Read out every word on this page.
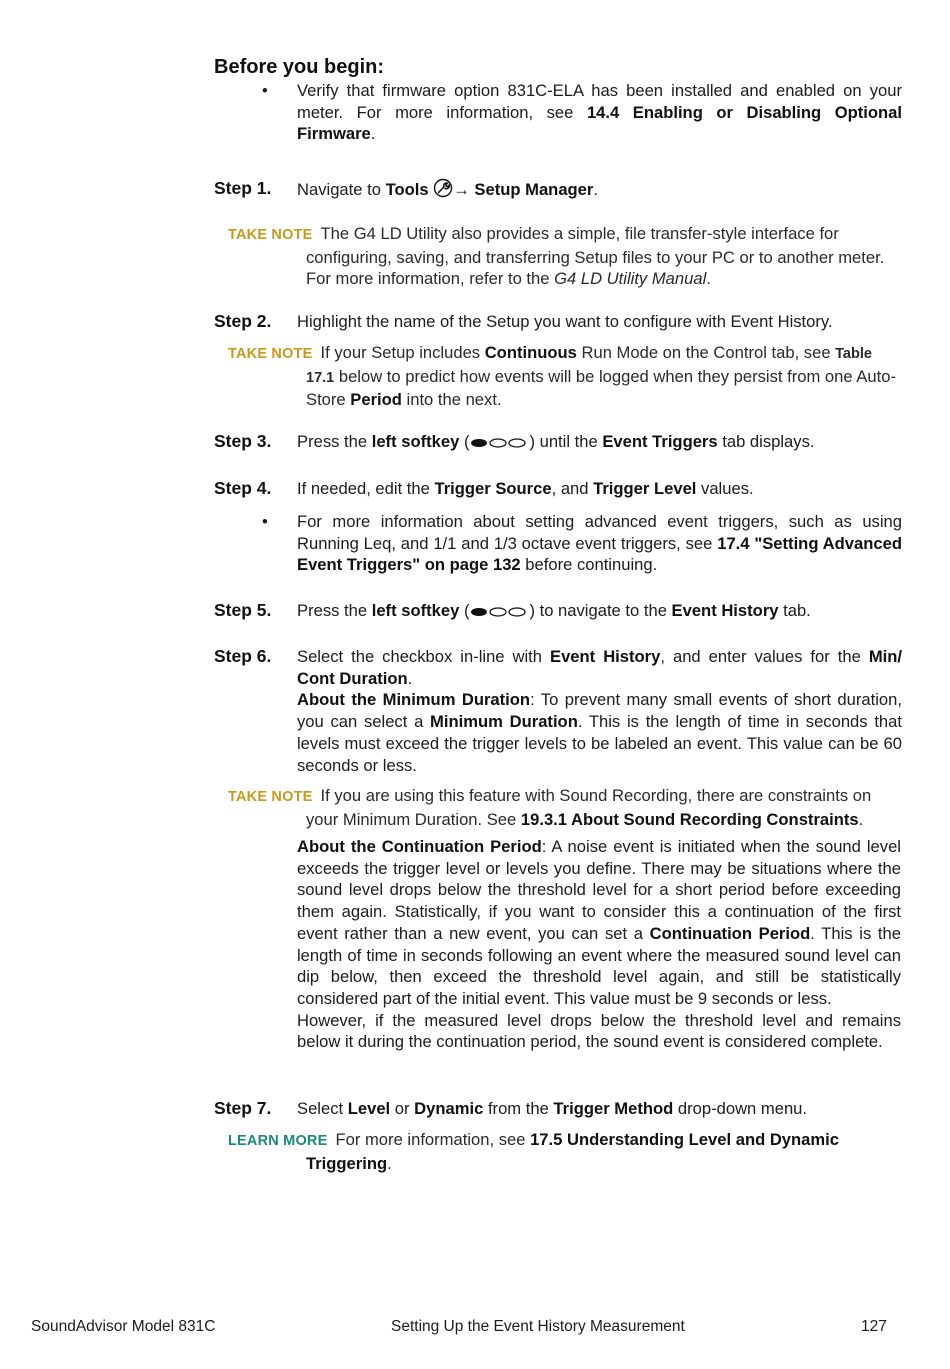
Before you begin:
• Verify that firmware option 831C-ELA has been installed and enabled on your meter. For more information, see 14.4 Enabling or Disabling Optional Firmware.
Step 1. Navigate to Tools → Setup Manager.
TAKE NOTE The G4 LD Utility also provides a simple, file transfer-style interface for configuring, saving, and transferring Setup files to your PC or to another meter. For more information, refer to the G4 LD Utility Manual.
Step 2. Highlight the name of the Setup you want to configure with Event History.
TAKE NOTE If your Setup includes Continuous Run Mode on the Control tab, see Table 17.1 below to predict how events will be logged when they persist from one Auto-Store Period into the next.
Step 3. Press the left softkey (	) until the Event Triggers tab displays.
Step 4. If needed, edit the Trigger Source, and Trigger Level values.
• For more information about setting advanced event triggers, such as using Running Leq, and 1/1 and 1/3 octave event triggers, see 17.4 "Setting Advanced Event Triggers" on page 132 before continuing.
Step 5. Press the left softkey (	) to navigate to the Event History tab.
Step 6. Select the checkbox in-line with Event History, and enter values for the Min/ Cont Duration.
About the Minimum Duration: To prevent many small events of short duration, you can select a Minimum Duration. This is the length of time in seconds that levels must exceed the trigger levels to be labeled an event. This value can be 60 seconds or less.
TAKE NOTE If you are using this feature with Sound Recording, there are constraints on your Minimum Duration. See 19.3.1 About Sound Recording Constraints.
About the Continuation Period: A noise event is initiated when the sound level exceeds the trigger level or levels you define. There may be situations where the sound level drops below the threshold level for a short period before exceeding them again. Statistically, if you want to consider this a continuation of the first event rather than a new event, you can set a Continuation Period. This is the length of time in seconds following an event where the measured sound level can dip below, then exceed the threshold level again, and still be statistically considered part of the initial event. This value must be 9 seconds or less.
However, if the measured level drops below the threshold level and remains below it during the continuation period, the sound event is considered complete.
Step 7. Select Level or Dynamic from the Trigger Method drop-down menu.
LEARN MORE For more information, see 17.5 Understanding Level and Dynamic Triggering.
SoundAdvisor Model 831C	Setting Up the Event History Measurement	127
